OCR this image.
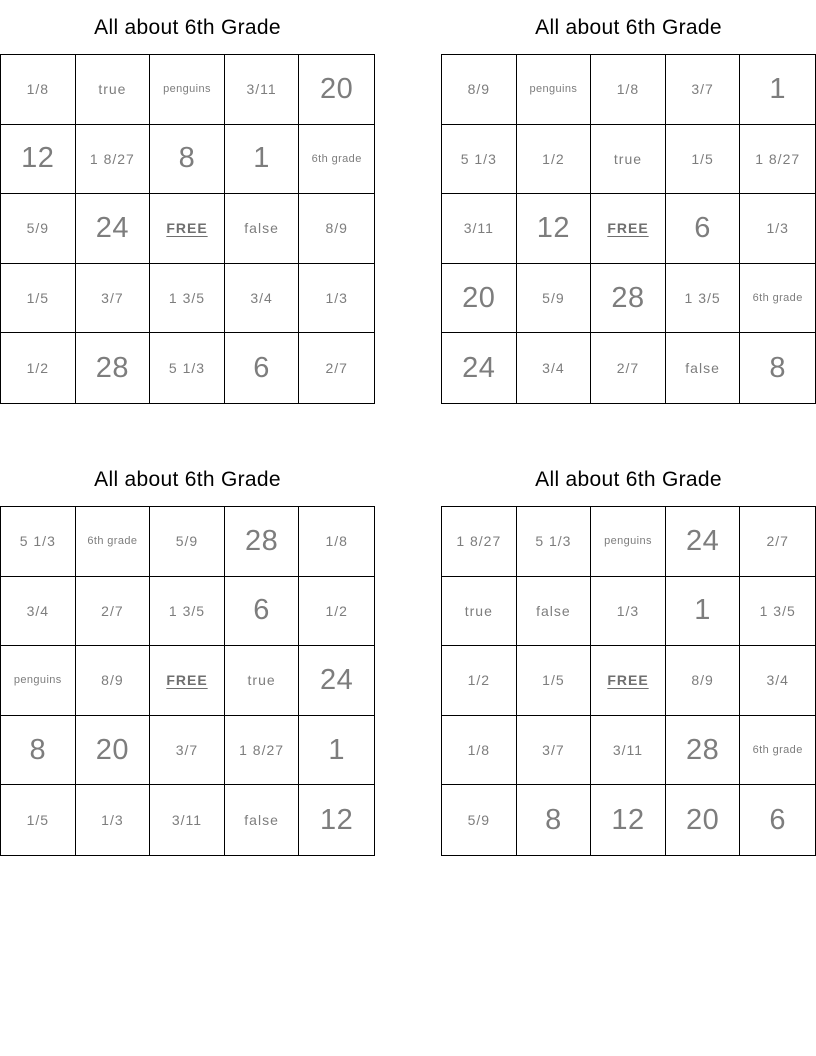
All about 6th Grade
1/8	true	penguins	3/11	20
12	1 8/27	8	1	6th grade
5/9	24	FREE	false	8/9
1/5	3/7	1 3/5	3/4	1/3
1/2	28	5 1/3	6	2/7
All about 6th Grade
8/9	penguins	1/8	3/7	1
5 1/3	1/2	true	1/5	1 8/27
3/11	12	FREE	6	1/3
20	5/9	28	1 3/5	6th grade
24	3/4	2/7	false	8
All about 6th Grade
5 1/3	6th grade	5/9	28	1/8
3/4	2/7	1 3/5	6	1/2
penguins	8/9	FREE	true	24
8	20	3/7	1 8/27	1
1/5	1/3	3/11	false	12
All about 6th Grade
1 8/27	5 1/3	penguins	24	2/7
true	false	1/3	1	1 3/5
1/2	1/5	FREE	8/9	3/4
1/8	3/7	3/11	28	6th grade
5/9	8	12	20	6
